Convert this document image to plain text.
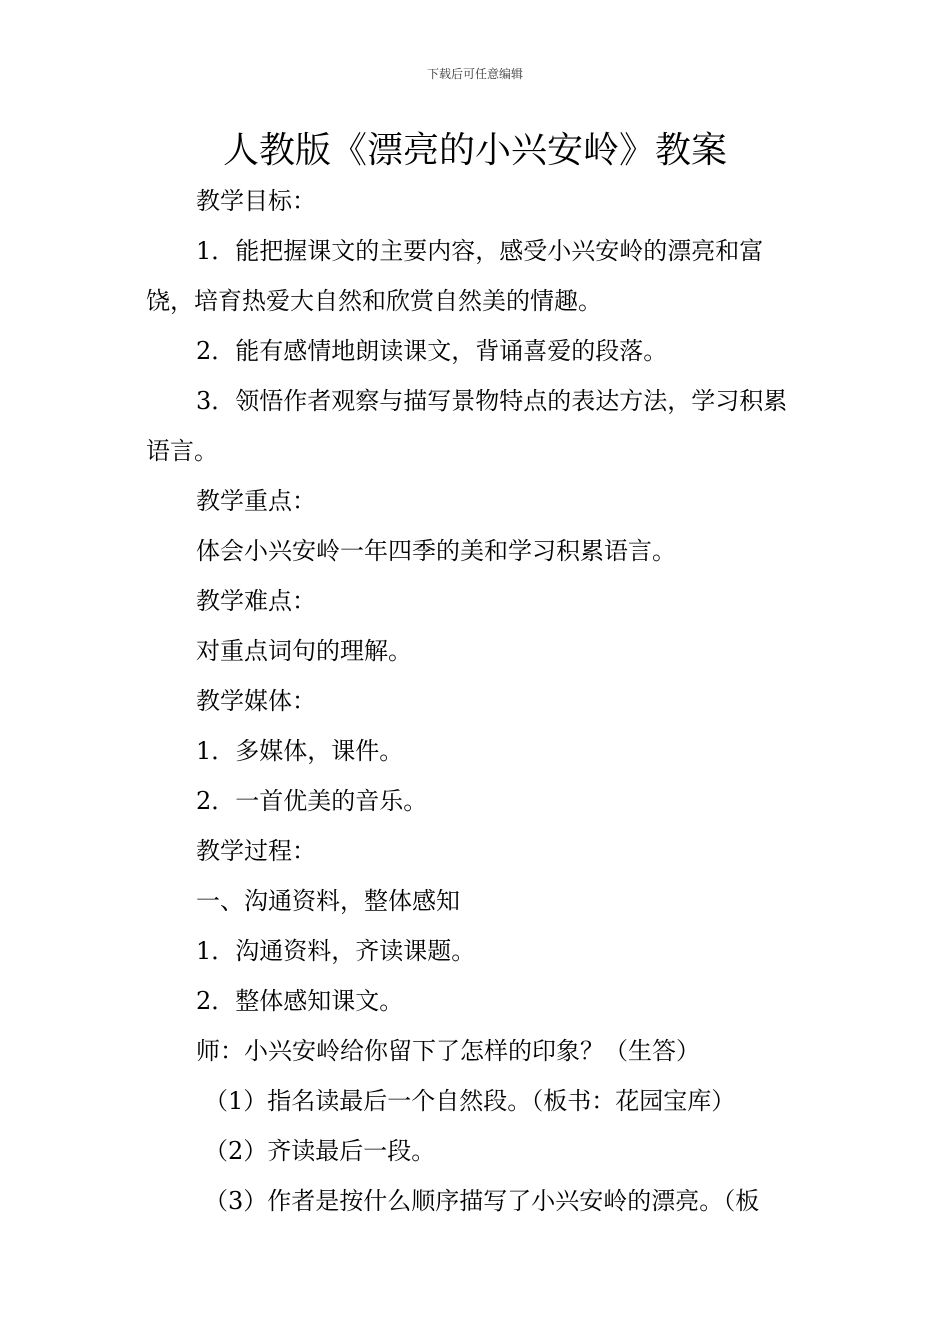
下载后可任意编辑
人教版《漂亮的小兴安岭》教案

教学目标：

1．能把握课文的主要内容，感受小兴安岭的漂亮和富饶，培育热爱大自然和欣赏自然美的情趣。

2．能有感情地朗读课文，背诵喜爱的段落。

3．领悟作者观察与描写景物特点的表达方法，学习积累语言。

教学重点：

体会小兴安岭一年四季的美和学习积累语言。

教学难点：

对重点词句的理解。

教学媒体：

1．多媒体，课件。

2．一首优美的音乐。

教学过程：

一、沟通资料，整体感知

1．沟通资料，齐读课题。

2．整体感知课文。

师：小兴安岭给你留下了怎样的印象？（生答）

（1）指名读最后一个自然段。（板书：花园宝库）

（2）齐读最后一段。

（3）作者是按什么顺序描写了小兴安岭的漂亮。（板
